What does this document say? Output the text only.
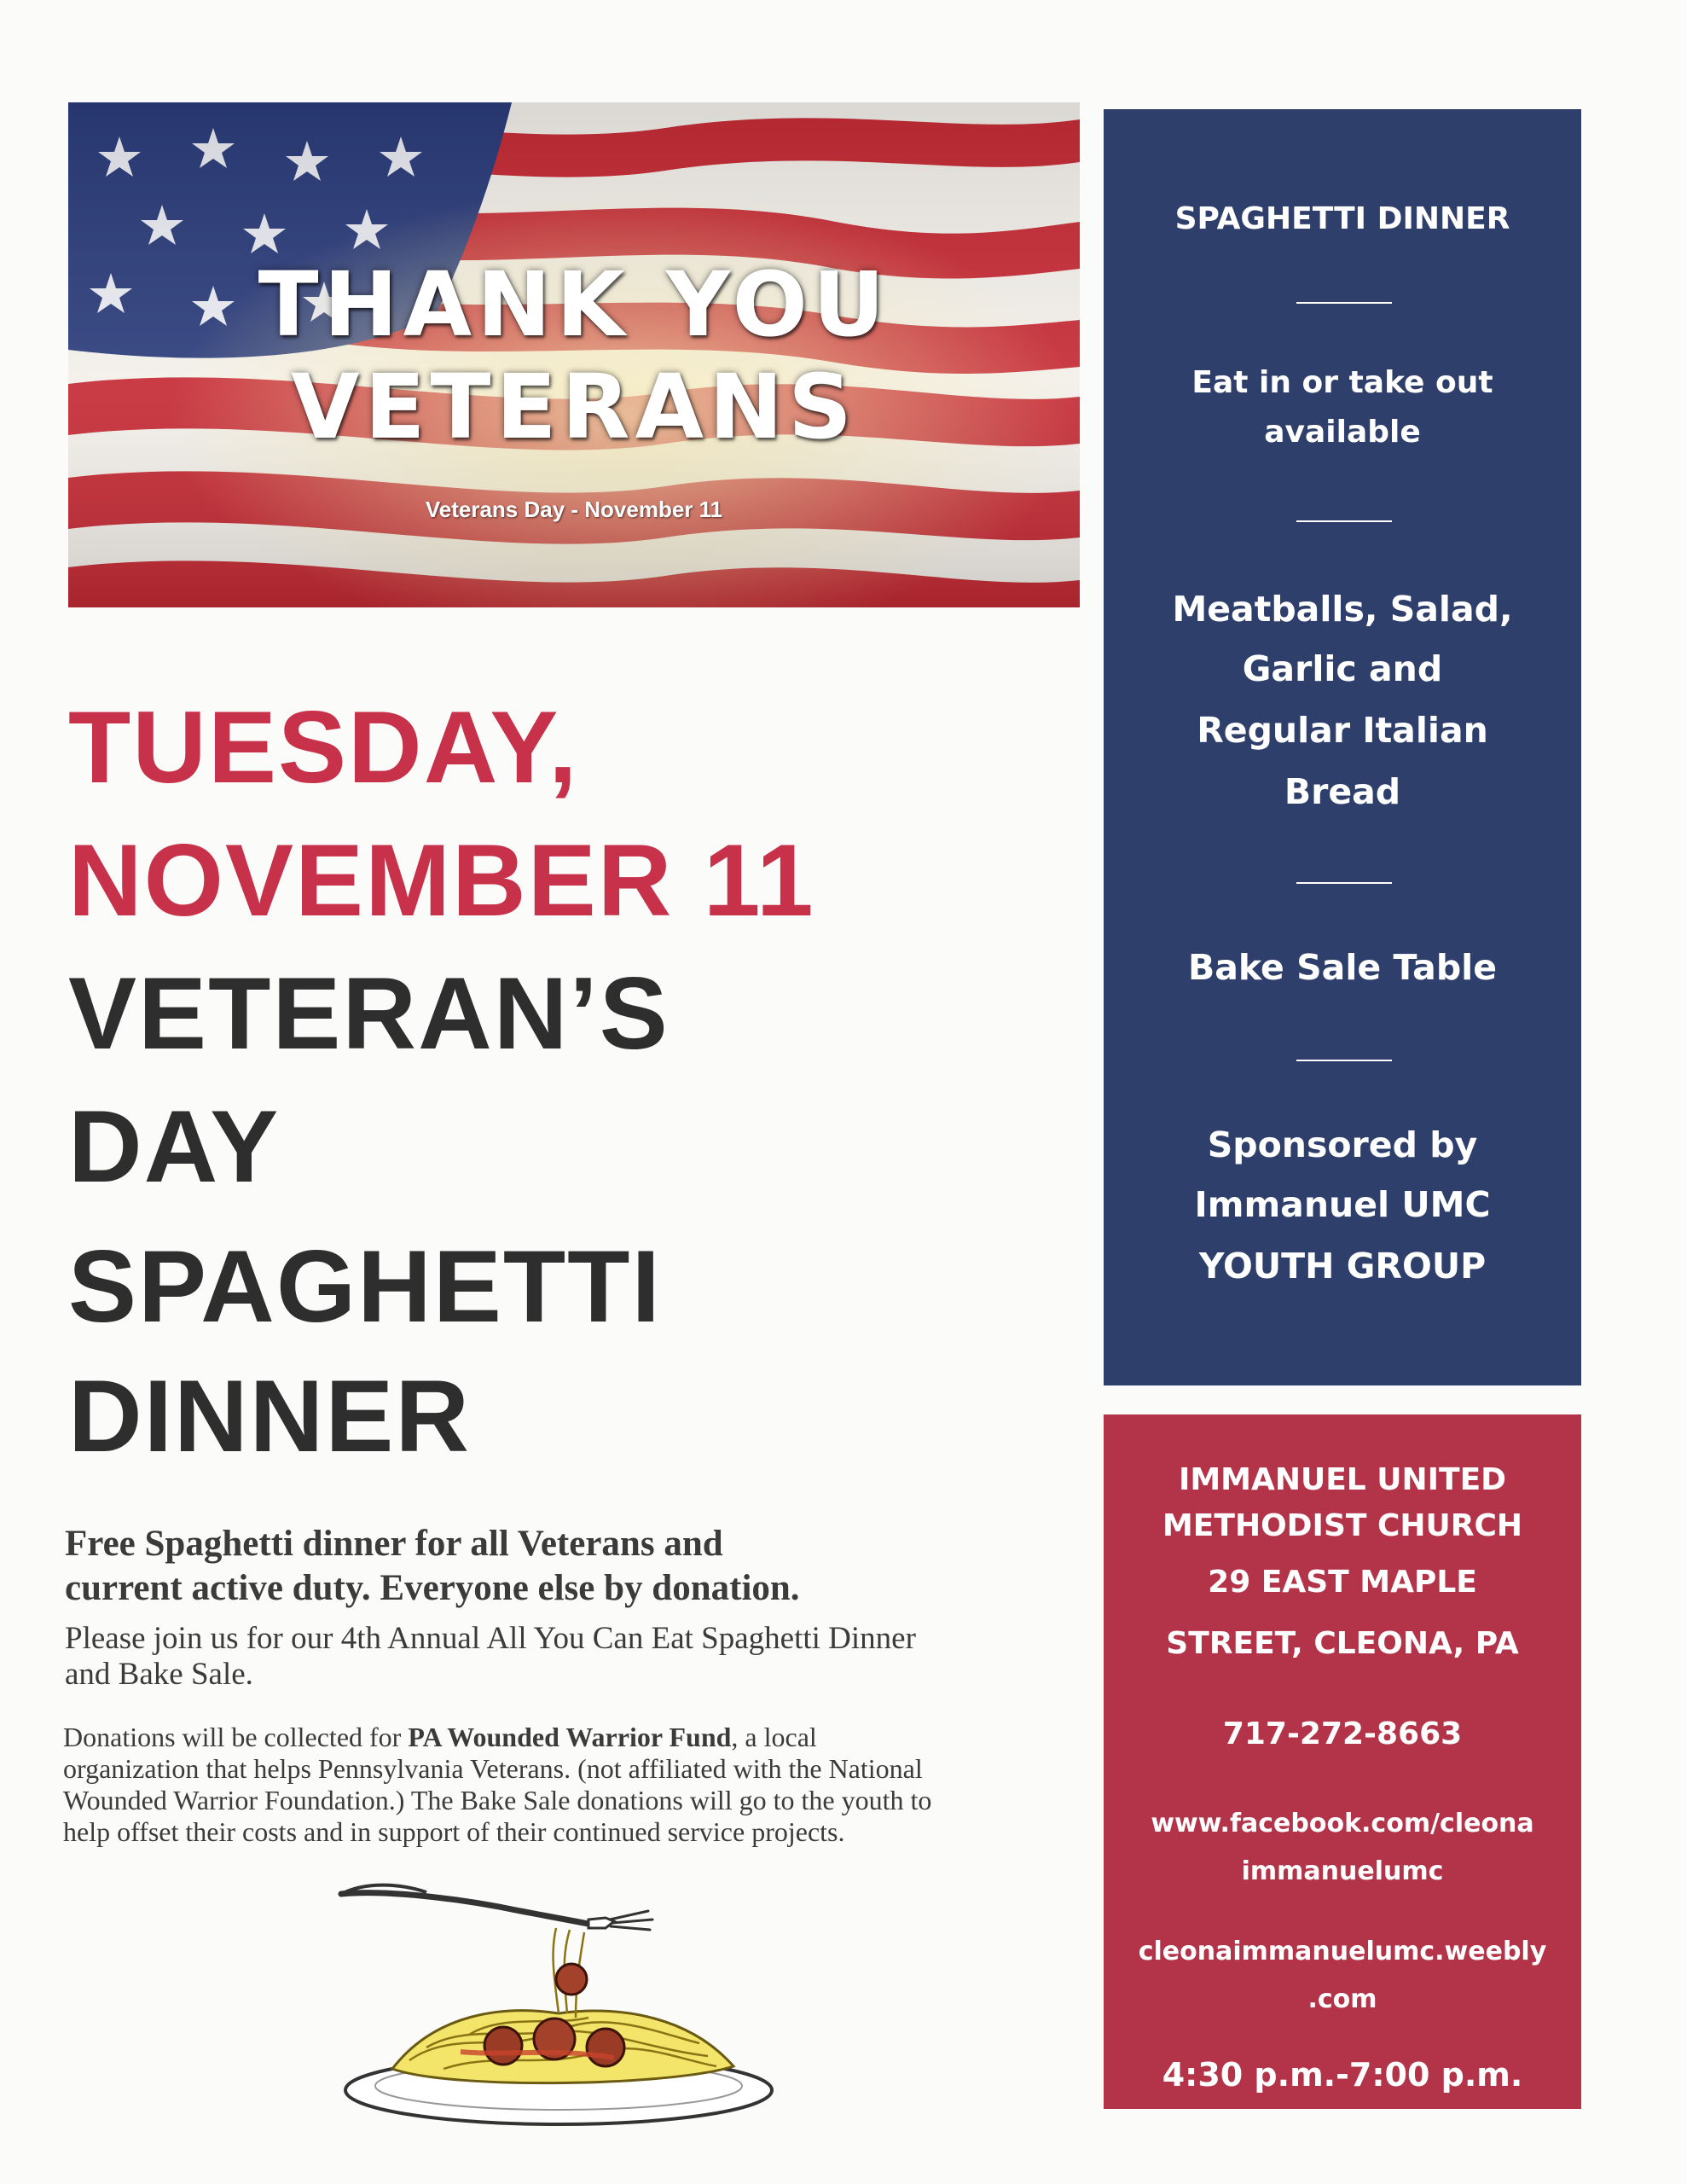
THANK YOU
VETERANS
Veterans Day - November 11
TUESDAY,
NOVEMBER 11
VETERAN’S
DAY
SPAGHETTI
DINNER
Free Spaghetti dinner for all Veterans and
current active duty. Everyone else by donation.
Please join us for our 4th Annual All You Can Eat Spaghetti Dinner
and Bake Sale.
Donations will be collected for PA Wounded Warrior Fund, a local
organization that helps Pennsylvania Veterans. (not affiliated with the National
Wounded Warrior Foundation.) The Bake Sale donations will go to the youth to
help offset their costs and in support of their continued service projects.
SPAGHETTI DINNER
Eat in or take out
available
Meatballs, Salad,
Garlic and
Regular Italian
Bread
Bake Sale Table
Sponsored by
Immanuel UMC
YOUTH GROUP
IMMANUEL UNITED
METHODIST CHURCH
29 EAST MAPLE
STREET, CLEONA, PA
717-272-8663
www.facebook.com/cleona
immanuelumc
cleonaimmanuelumc.weebly
.com
4:30 p.m.-7:00 p.m.
